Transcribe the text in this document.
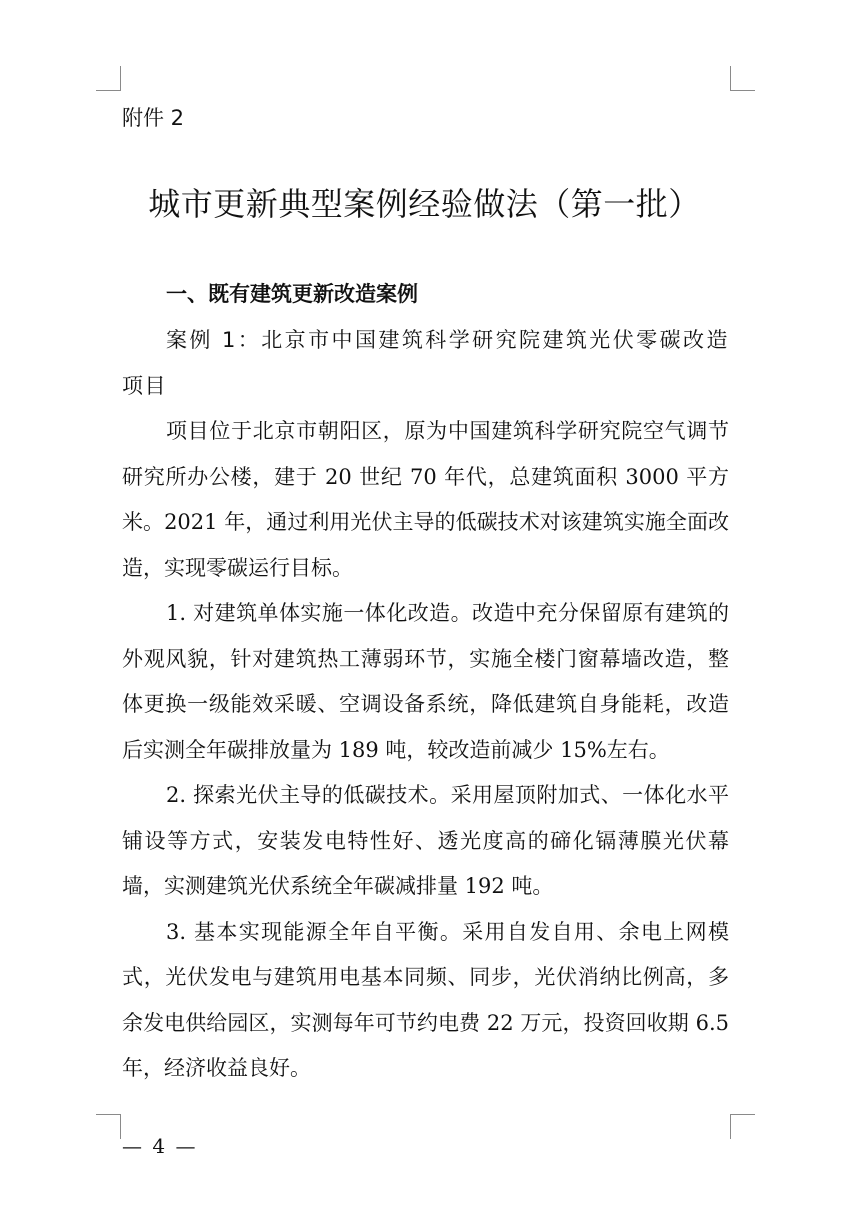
附件 2
城市更新典型案例经验做法（第一批）
一、既有建筑更新改造案例

案例 1：北京市中国建筑科学研究院建筑光伏零碳改造项目

项目位于北京市朝阳区，原为中国建筑科学研究院空气调节研究所办公楼，建于 20 世纪 70 年代，总建筑面积 3000 平方米。2021 年，通过利用光伏主导的低碳技术对该建筑实施全面改造，实现零碳运行目标。

1. 对建筑单体实施一体化改造。改造中充分保留原有建筑的外观风貌，针对建筑热工薄弱环节，实施全楼门窗幕墙改造，整体更换一级能效采暖、空调设备系统，降低建筑自身能耗，改造后实测全年碳排放量为 189 吨，较改造前减少 15%左右。

2. 探索光伏主导的低碳技术。采用屋顶附加式、一体化水平铺设等方式，安装发电特性好、透光度高的碲化镉薄膜光伏幕墙，实测建筑光伏系统全年碳减排量 192 吨。

3. 基本实现能源全年自平衡。采用自发自用、余电上网模式，光伏发电与建筑用电基本同频、同步，光伏消纳比例高，多余发电供给园区，实测每年可节约电费 22 万元，投资回收期 6.5 年，经济收益良好。

— 4 —
